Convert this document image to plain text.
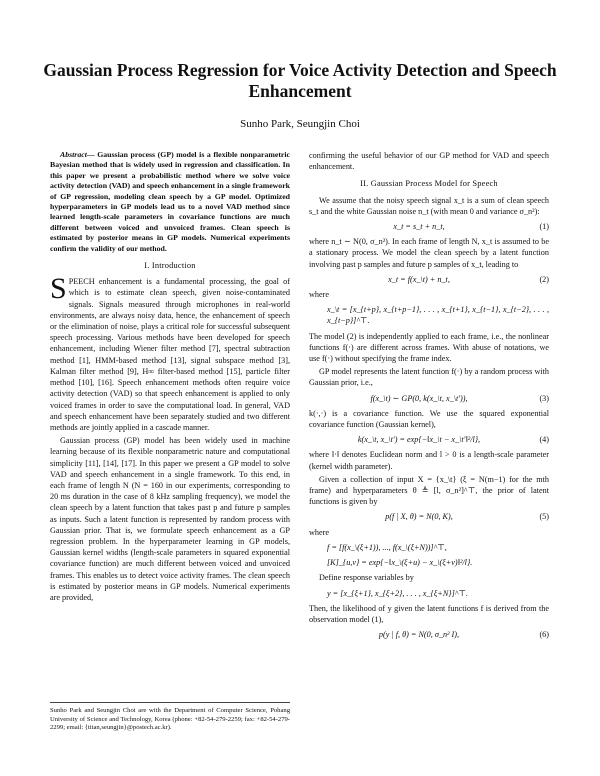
Gaussian Process Regression for Voice Activity Detection and Speech Enhancement
Sunho Park, Seungjin Choi
Abstract— Gaussian process (GP) model is a flexible nonparametric Bayesian method that is widely used in regression and classification. In this paper we present a probabilistic method where we solve voice activity detection (VAD) and speech enhancement in a single framework of GP regression, modeling clean speech by a GP model. Optimized hyperparameters in GP models lead us to a novel VAD method since learned length-scale parameters in covariance functions are much different between voiced and unvoiced frames. Clean speech is estimated by posterior means in GP models. Numerical experiments confirm the validity of our method.
I. Introduction

SPEECH enhancement is a fundamental processing, the goal of which is to estimate clean speech, given noise-contaminated signals. Signals measured through microphones in real-world environments, are always noisy data, hence, the enhancement of speech or the elimination of noise, plays a critical role for successful subsequent speech processing. Various methods have been developed for speech enhancement, including Wiener filter method [7], spectral subtraction method [1], HMM-based method [13], signal subspace method [3], Kalman filter method [9], H∞ filter-based method [15], particle filter method [10], [16]. Speech enhancement methods often require voice activity detection (VAD) so that speech enhancement is applied to only voiced frames in order to save the computational load. In general, VAD and speech enhancement have been separately studied and two different methods are jointly applied in a cascade manner.

Gaussian process (GP) model has been widely used in machine learning because of its flexible nonparametric nature and computational simplicity [11], [14], [17]. In this paper we present a GP model to solve VAD and speech enhancement in a single framework. To this end, in each frame of length N (N = 160 in our experiments, corresponding to 20 ms duration in the case of 8 kHz sampling frequency), we model the clean speech by a latent function that takes past p and future p samples as inputs. Such a latent function is represented by random process with Gaussian prior. That is, we formulate speech enhancement as a GP regression problem. In the hyperparameter learning in GP models, Gaussian kernel widths (length-scale parameters in squared exponential covariance function) are much different between voiced and unvoiced frames. This enables us to detect voice activity frames. The clean speech is estimated by posterior means in GP models. Numerical experiments are provided,

Sunho Park and Seungjin Choi are with the Department of Computer Science, Pohang University of Science and Technology, Korea (phone: +82-54-279-2259; fax: +82-54-279-2299; email: {titan,seungjin}@postech.ac.kr).

confirming the useful behavior of our GP method for VAD and speech enhancement.

II. Gaussian Process Model for Speech

We assume that the noisy speech signal x_t is a sum of clean speech s_t and the white Gaussian noise n_t (with mean 0 and variance σ_n²):

x_t = s_t + n_t,	(1)

where n_t ∼ N(0, σ_n²). In each frame of length N, x_t is assumed to be a stationary process. We model the clean speech by a latent function involving past p samples and future p samples of x_t, leading to

x_t = f(x_\t) + n_t,	(2)

where

x_\t = [x_{t+p}, x_{t+p−1}, . . . , x_{t+1}, x_{t−1}, x_{t−2}, . . . , x_{t−p}]^⊤.

The model (2) is independently applied to each frame, i.e., the nonlinear functions f(·) are different across frames. With abuse of notations, we use f(·) without specifying the frame index.

GP model represents the latent function f(·) by a random process with Gaussian prior, i.e.,

f(x_\t) ∼ GP(0, k(x_\t, x_\t′)),	(3)

k(·,·) is a covariance function. We use the squared exponential covariance function (Gaussian kernel),

k(x_\t, x_\t′) = exp{−‖x_\t − x_\t′‖²/l},	(4)

where ‖·‖ denotes Euclidean norm and l > 0 is a length-scale parameter (kernel width parameter).

Given a collection of input X = {x_\t} (ξ = N(m−1) for the mth frame) and hyperparameters θ ≜ [l, σ_n²]^⊤, the prior of latent functions is given by

p(f | X, θ) = N(0, K),	(5)

where

f = [f(x_\(ξ+1)), ..., f(x_\(ξ+N))]^⊤,
[K]_{u,v} = exp{−‖x_\(ξ+u) − x_\(ξ+v)‖²/l}.

Define response variables by

y = [x_{ξ+1}, x_{ξ+2}, . . . , x_{ξ+N}]^⊤.

Then, the likelihood of y given the latent functions f is derived from the observation model (1),

p(y | f, θ) = N(0, σ_n² I),	(6)
